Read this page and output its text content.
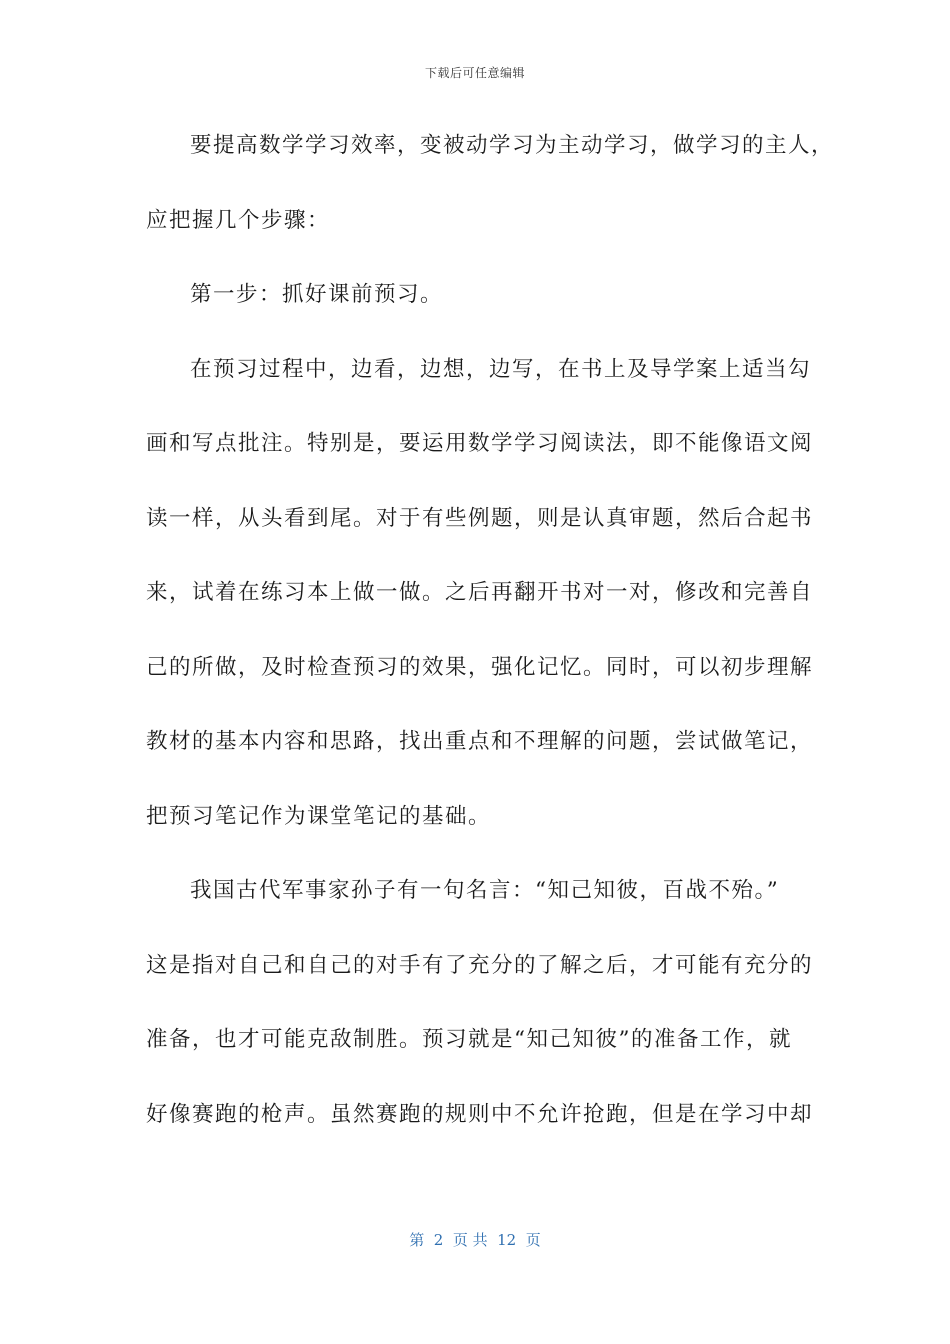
下载后可任意编辑
要提高数学学习效率，变被动学习为主动学习，做学习的主人，
应把握几个步骤：
第一步：抓好课前预习。
在预习过程中，边看，边想，边写，在书上及导学案上适当勾
画和写点批注。特别是，要运用数学学习阅读法，即不能像语文阅
读一样，从头看到尾。对于有些例题，则是认真审题，然后合起书
来，试着在练习本上做一做。之后再翻开书对一对，修改和完善自
己的所做，及时检查预习的效果，强化记忆。同时，可以初步理解
教材的基本内容和思路，找出重点和不理解的问题，尝试做笔记，
把预习笔记作为课堂笔记的基础。
我国古代军事家孙子有一句名言：“知己知彼，百战不殆。”
这是指对自己和自己的对手有了充分的了解之后，才可能有充分的
准备，也才可能克敌制胜。预习就是“知己知彼”的准备工作，就
好像赛跑的枪声。虽然赛跑的规则中不允许抢跑，但是在学习中却
第  2  页 共  12  页
